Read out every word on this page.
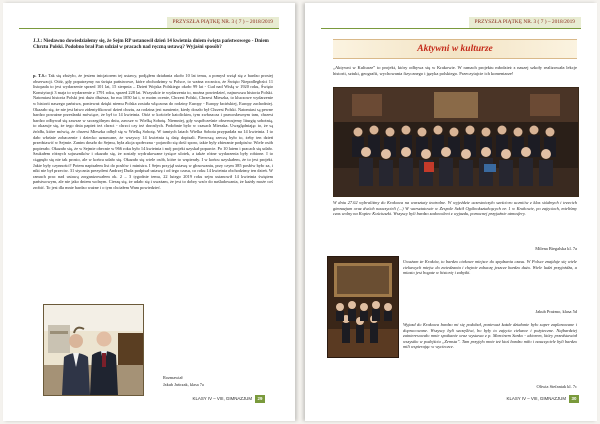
PRZYSZŁA PIĄTKĘ NR. 3 ( 7 ) – 2018/2019

J.J.: Niedawno dowiedziałemy się, że Sejm RP ustanowił dzień 14 kwietnia dniem święta państwowego - Dniem Chrztu Polski. Podobno brał Pan udział w pracach nad ręczną ustawą? Wyjaśni sposób?

p. T.S.: Tak się złożyło, że jestem inicjatorem tej ustawy, podjąłem działania około 10 lat temu, a pomysł wziął się z bardzo prostej obserwacji. Otóż, gdy popatrzymy na święta państwowe, które obchodzimy w Polsce, to ważna rocznica, że Święto Niepodległości 11 listopada to jest wydarzenie sprzed 101 lat, 15 sierpnia – Dzień Wojska Polskiego około 99 lat - Cud nad Wisłą w 1920 roku, Święto Konstytucji 3 maja to wydarzenie z 1791 roku, sprzed 228 lat. Wszystkie te wydarzenia to, można powiedzieć, najnowsza historia Polski. Natomiast historia Polski jest dużo dłuższa, bo ma 1050 lat i, w moim ocenie, Chrzest Polski, Chrzest Mieszka, to kluczowe wydarzenie w historii naszego państwa, ponieważ dzięki niemu Polska została włączona do rodziny Europy - Europy łacińskiej, Europy zachodniej. Okazało się, że nie jest łatwo zidentyfikować dzień chrztu, za rodzina jest sumienie, kiedy doszło był Chrzest Polski. Natomiast są pewne bardzo poważne przesłanki mówiące, że był to 14 kwietnia. Otóż w kościele katolickim, tym zwłaszcza i prawosławnym tam, chrzest bardzo odbywał się zawsze w szczególnym dniu, zawsze w Wielką Sobotę. Niemniej, gdy współcześnie obserwujemy liturgię sobotnią, to okazuje się, że tego dnia papież też chrzci - chrzci czy też dorosłych. Podobnie bylo w czasach Mieszka. Uwzględniając to, że są źródła, które mówią, że chrzest Mieszka odbył się w Wielką Sobotę. W tamtych latach Wielka Sobota przypadała na 14 kwietnia. I to dało właśnie zobaczenie i dziecko uznawane, że wszyscy 14 kwietnia tą datę dopisali. Pierwszą rzeczą było to, żeby ten dzień przedstawić w Sejmie. Zanim doszło do Sejmu, była akcja społeczna - pojawiło się dość sporo, takie były zbieranie podpisów. Wiele osób popierało. Okazało się, że w Sejmie obecnie w 966 roku było 14 kwietnia i mój projekt uzyskał poparcie. Po 10 latem i pracach się udało. Szukałem różnych sojuszników i okazało się, że zostały wydrukowane tysiące ulotek, a także różne wydarzenia były robione. I to ciągnęło się nie tak prosto, ale w końcu udało się. Okazało się wiele osób, które to wspierały. I w końcu uzyskałem, że to jest projekt. Jakie były czynności? Potem napisałem list do posłów i ministra. I Sejm przyjął ustawę w głosowaniu, przy czym 385 posłów było za, i nikt nie był przeciw. 31 stycznia prezydent Andrzej Duda podpisał ustawę i od tego czasu, co roku 14 kwietnia obchodzimy ten dzień. W ramach prac nad ustawą zorganizowałem ok. 2 – 3 tygodnie temu, 22 lutego 2019 roku sejm ustanowił 14 kwietnia świętem państwowym, ale nie jako dniem wolnym. Cieszę się, że udało się i uważam, że jest to dobry wzór do naśladowania, że każdy może coś zrobić. To jest dla mnie bardzo ważne i o tym chciałem Wam powiedzieć.

Rozmawiał

Jakub Jańczak, klasa 7a

KLASY IV – VIII, GIMNAZJUM 29
PRZYSZŁA PIĄTKĘ NR. 3 ( 7 ) – 2018/2019
Aktywni w kulturze

„Aktywni w Kulturze” to projekt, który odbywa się w Krakowie. W ramach projektu młodzież z naszej szkoły realizowała lekcje historii, sztuki, geografii, wychowania fizycznego i języka polskiego. Przeczytajcie ich komentarze!

W dniu 27.02 wybraliśmy do Krakowa na warsztaty teatralne. W wyjeździe uczestniczyło sześcioro uczniów z klas siódmych i trzecich gimnazjum oraz dwóch nauczycieli (...) W warsztatowie w Zespole Szkół Ogólnokształcących nr. 1 w Krakowie, po zajęciach, mieliśmy czas wolny na Kopiec Kościuszki. Wszyscy byli bardzo zadowoleni z wyjazdu, pomocnej przyjaźnie atmosfery.

Milena Biegalska kl. 7a

Uważam że Kraków, to bardzo ciekawe miejsce do spędzania czasu. W Polsce znajduje się wiele ciekawych miejsc do zwiedzania i chętnie zobaczę jeszcze bardzo dużo. Wiele ludzi przyjeżdża, a miasto jest bogate w historię i zabytki.

Jakub Prażmo, klasa 5d

Wyjazd do Krakowa bardzo mi się podobał, ponieważ każde działanie było super zaplanowane i dopracowane. Wszyscy byli szczęśliwi, bo były to zajęcia ciekawe i pożyteczne. Najbardziej zainteresowało mnie spotkanie oraz wystawa z p. Marcinem Sanko - aktorem, który przedstawiał wszystko w podejściu „Zemsta”. Tam przyjęło mnie też ktoś bardzo miło i nauczyciele byli bardzo mili wspierając w wycieczce.

Oliwia Stefaniak kl. 7c

KLASY IV – VIII, GIMNAZJUM 30
